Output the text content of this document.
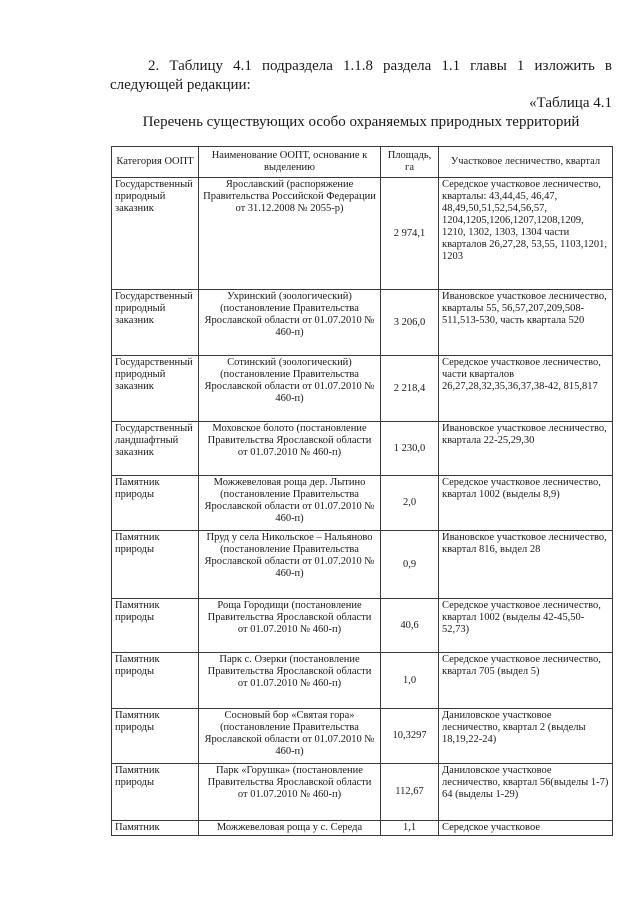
2. Таблицу 4.1 подраздела 1.1.8 раздела 1.1 главы 1 изложить в следующей редакции:

«Таблица 4.1

Перечень существующих особо охраняемых природных территорий

Категория ООПТ	Наименование ООПТ, основание к выделению	Площадь, га	Участковое лесничество, квартал
Государственный природный заказник	Ярославский (распоряжение Правительства Российской Федерации от 31.12.2008 № 2055-р)	2 974,1	Середское участковое лесничество, кварталы: 43,44,45, 46,47, 48,49,50,51,52,54,56,57, 1204,1205,1206,1207,1208,1209, 1210, 1302, 1303, 1304 части кварталов 26,27,28, 53,55, 1103,1201, 1203
Государственный природный заказник	Ухринский (зоологический) (постановление Правительства Ярославской области от 01.07.2010 № 460-п)	3 206,0	Ивановское участковое лесничество, кварталы 55, 56,57,207,209,508-511,513-530, часть квартала 520
Государственный природный заказник	Сотинский (зоологический) (постановление Правительства Ярославской области от 01.07.2010 № 460-п)	2 218,4	Середское участковое лесничество, части кварталов 26,27,28,32,35,36,37,38-42, 815,817
Государственный ландшафтный заказник	Моховское болото (постановление Правительства Ярославской области от 01.07.2010 № 460-п)	1 230,0	Ивановское участковое лесничество, квартала 22-25,29,30
Памятник природы	Можжевеловая роща дер. Лытино (постановление Правительства Ярославской области от 01.07.2010 № 460-п)	2,0	Середское участковое лесничество, квартал 1002 (выделы 8,9)
Памятник природы	Пруд у села Никольское – Нальяново (постановление Правительства Ярославской области от 01.07.2010 № 460-п)	0,9	Ивановское участковое лесничество, квартал 816, выдел 28
Памятник природы	Роща Городищи (постановление Правительства Ярославской области от 01.07.2010 № 460-п)	40,6	Середское участковое лесничество, квартал 1002 (выделы 42-45,50-52,73)
Памятник природы	Парк с. Озерки (постановление Правительства Ярославской области от 01.07.2010 № 460-п)	1,0	Середское участковое лесничество, квартал 705 (выдел 5)
Памятник природы	Сосновый бор «Святая гора» (постановление Правительства Ярославской области от 01.07.2010 № 460-п)	10,3297	Даниловское участковое лесничество, квартал 2 (выделы 18,19,22-24)
Памятник природы	Парк «Горушка» (постановление Правительства Ярославской области от 01.07.2010 № 460-п)	112,67	Даниловское участковое лесничество, квартал 56(выделы 1-7) 64 (выделы 1-29)
Памятник	Можжевеловая роща у с. Середа	1,1	Середское участковое
